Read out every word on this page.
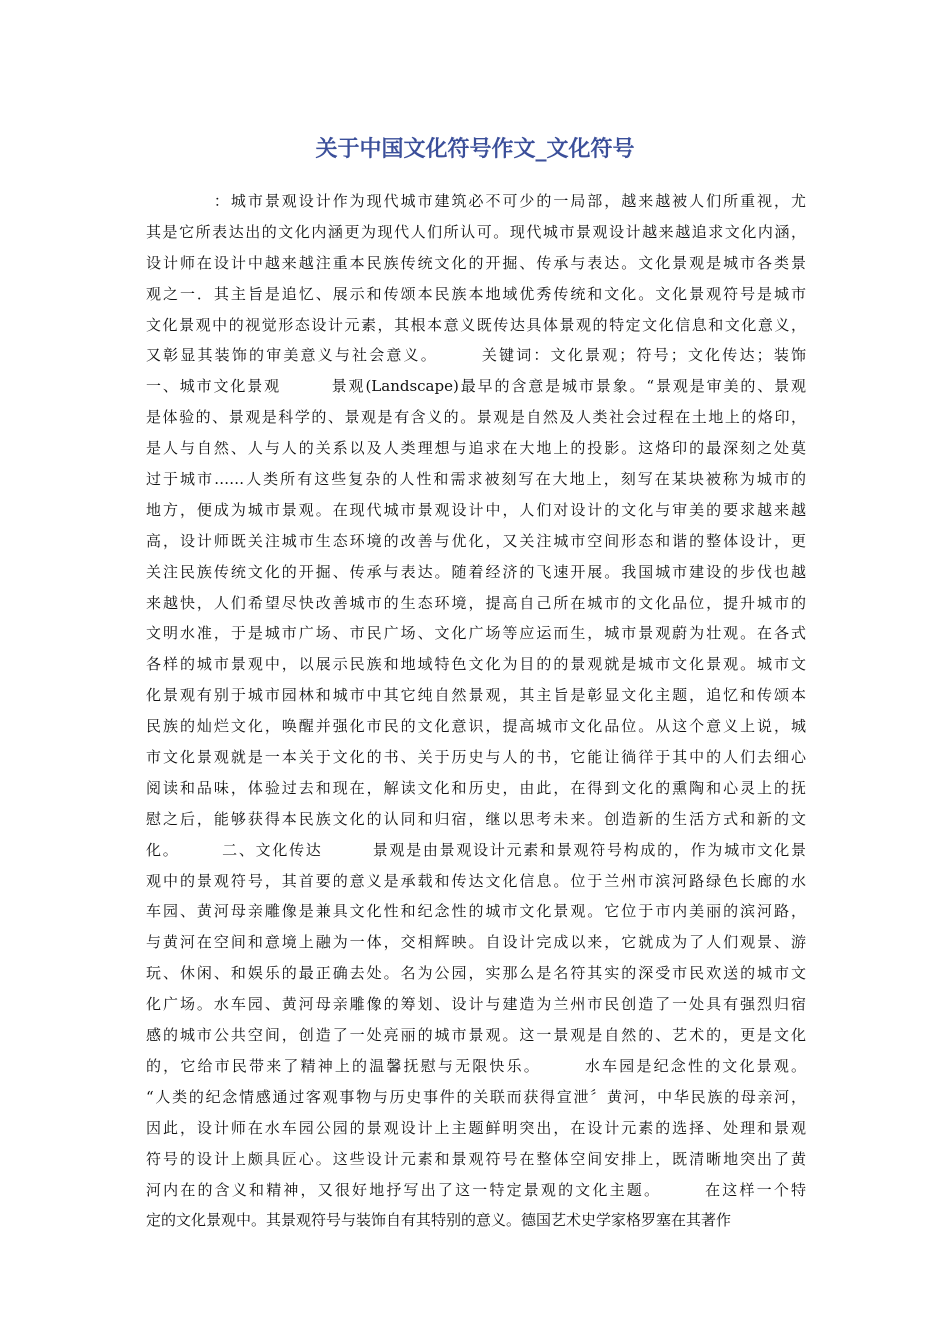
关于中国文化符号作文_文化符号
　　　　：城市景观设计作为现代城市建筑必不可少的一局部，越来越被人们所重视，尤
其是它所表达出的文化内涵更为现代人们所认可。现代城市景观设计越来越追求文化内涵，
设计师在设计中越来越注重本民族传统文化的开掘、传承与表达。文化景观是城市各类景
观之一．其主旨是追忆、展示和传颂本民族本地域优秀传统和文化。文化景观符号是城市
文化景观中的视觉形态设计元素，其根本意义既传达具体景观的特定文化信息和文化意义，
又彰显其装饰的审美意义与社会意义。　　　关键词：文化景观；符号；文化传达；装饰
一、城市文化景观　　　景观(Landscape)最早的含意是城市景象。“景观是审美的、景观
是体验的、景观是科学的、景观是有含义的。景观是自然及人类社会过程在土地上的烙印，
是人与自然、人与人的关系以及人类理想与追求在大地上的投影。这烙印的最深刻之处莫
过于城市……人类所有这些复杂的人性和需求被刻写在大地上，刻写在某块被称为城市的
地方，便成为城市景观。在现代城市景观设计中，人们对设计的文化与审美的要求越来越
高，设计师既关注城市生态环境的改善与优化，又关注城市空间形态和谐的整体设计，更
关注民族传统文化的开掘、传承与表达。随着经济的飞速开展。我国城市建设的步伐也越
来越快，人们希望尽快改善城市的生态环境，提高自己所在城市的文化品位，提升城市的
文明水准，于是城市广场、市民广场、文化广场等应运而生，城市景观蔚为壮观。在各式
各样的城市景观中，以展示民族和地域特色文化为目的的景观就是城市文化景观。城市文
化景观有别于城市园林和城市中其它纯自然景观，其主旨是彰显文化主题，追忆和传颂本
民族的灿烂文化，唤醒并强化市民的文化意识，提高城市文化品位。从这个意义上说，城
市文化景观就是一本关于文化的书、关于历史与人的书，它能让徜徉于其中的人们去细心
阅读和品味，体验过去和现在，解读文化和历史，由此，在得到文化的熏陶和心灵上的抚
慰之后，能够获得本民族文化的认同和归宿，继以思考未来。创造新的生活方式和新的文
化。　　　二、文化传达　　　景观是由景观设计元素和景观符号构成的，作为城市文化景
观中的景观符号，其首要的意义是承载和传达文化信息。位于兰州市滨河路绿色长廊的水
车园、黄河母亲雕像是兼具文化性和纪念性的城市文化景观。它位于市内美丽的滨河路，
与黄河在空间和意境上融为一体，交相辉映。自设计完成以来，它就成为了人们观景、游
玩、休闲、和娱乐的最正确去处。名为公园，实那么是名符其实的深受市民欢送的城市文
化广场。水车园、黄河母亲雕像的筹划、设计与建造为兰州市民创造了一处具有强烈归宿
感的城市公共空间，创造了一处亮丽的城市景观。这一景观是自然的、艺术的，更是文化
的，它给市民带来了精神上的温馨抚慰与无限快乐。　　　水车园是纪念性的文化景观。
“人类的纪念情感通过客观事物与历史事件的关联而获得宣泄〞黄河，中华民族的母亲河，
因此，设计师在水车园公园的景观设计上主题鲜明突出，在设计元素的选择、处理和景观
符号的设计上颇具匠心。这些设计元素和景观符号在整体空间安排上，既清晰地突出了黄
河内在的含义和精神，又很好地抒写出了这一特定景观的文化主题。　　　在这样一个特
定的文化景观中。其景观符号与装饰自有其特别的意义。德国艺术史学家格罗塞在其著作
